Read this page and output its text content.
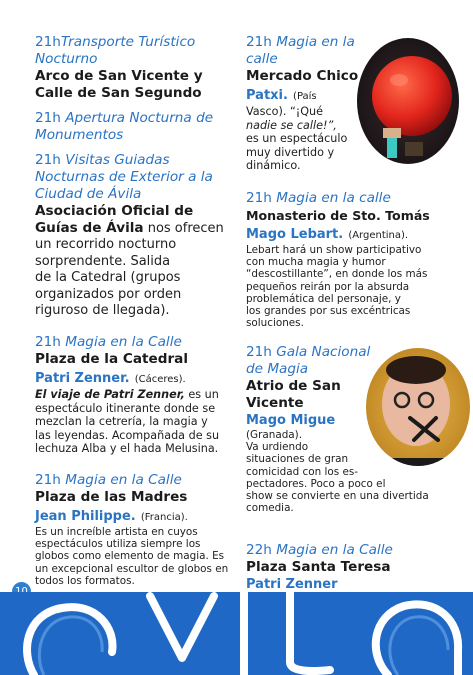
21hTransporte Turístico
Nocturno
Arco de San Vicente y
Calle de San Segundo
21h Apertura Nocturna de
Monumentos
21h Visitas Guiadas
Nocturnas de Exterior a la
Ciudad de Ávila
Asociación Oficial de
Guías de Ávila nos ofrecen
un recorrido nocturno
sorprendente. Salida
de la Catedral (grupos
organizados por orden
riguroso de llegada).
21h Magia en la Calle
Plaza de la Catedral
Patri Zenner. (Cáceres).
El viaje de Patri Zenner, es un
espectáculo itinerante donde se
mezclan la cetrería, la magia y
las leyendas. Acompañada de su
lechuza Alba y el hada Melusina.
21h Magia en la Calle
Plaza de las Madres
Jean Philippe. (Francia).
Es un increíble artista en cuyos
espectáculos utiliza siempre los
globos como elemento de magia. Es
un excepcional escultor de globos en
todos los formatos.
21h Magia en la
calle
Mercado Chico
Patxi. (País
Vasco). “¡Qué
nadie se calle!”,
es un espectáculo
muy divertido y
dinámico.
21h Magia en la calle
Monasterio de Sto. Tomás
Mago Lebart. (Argentina).
Lebart hará un show participativo
con mucha magia y humor
“descostillante”, en donde los más
pequeños reirán por la absurda
problemática del personaje, y
los grandes por sus excéntricas
soluciones.
21h Gala Nacional
de Magia
Atrio de San
Vicente
Mago Migue
(Granada).
Va urdiendo
situaciones de gran
comicidad con los es-
pectadores. Poco a poco el
show se convierte en una divertida
comedia.
22h Magia en la Calle
Plaza Santa Teresa
Patri Zenner
